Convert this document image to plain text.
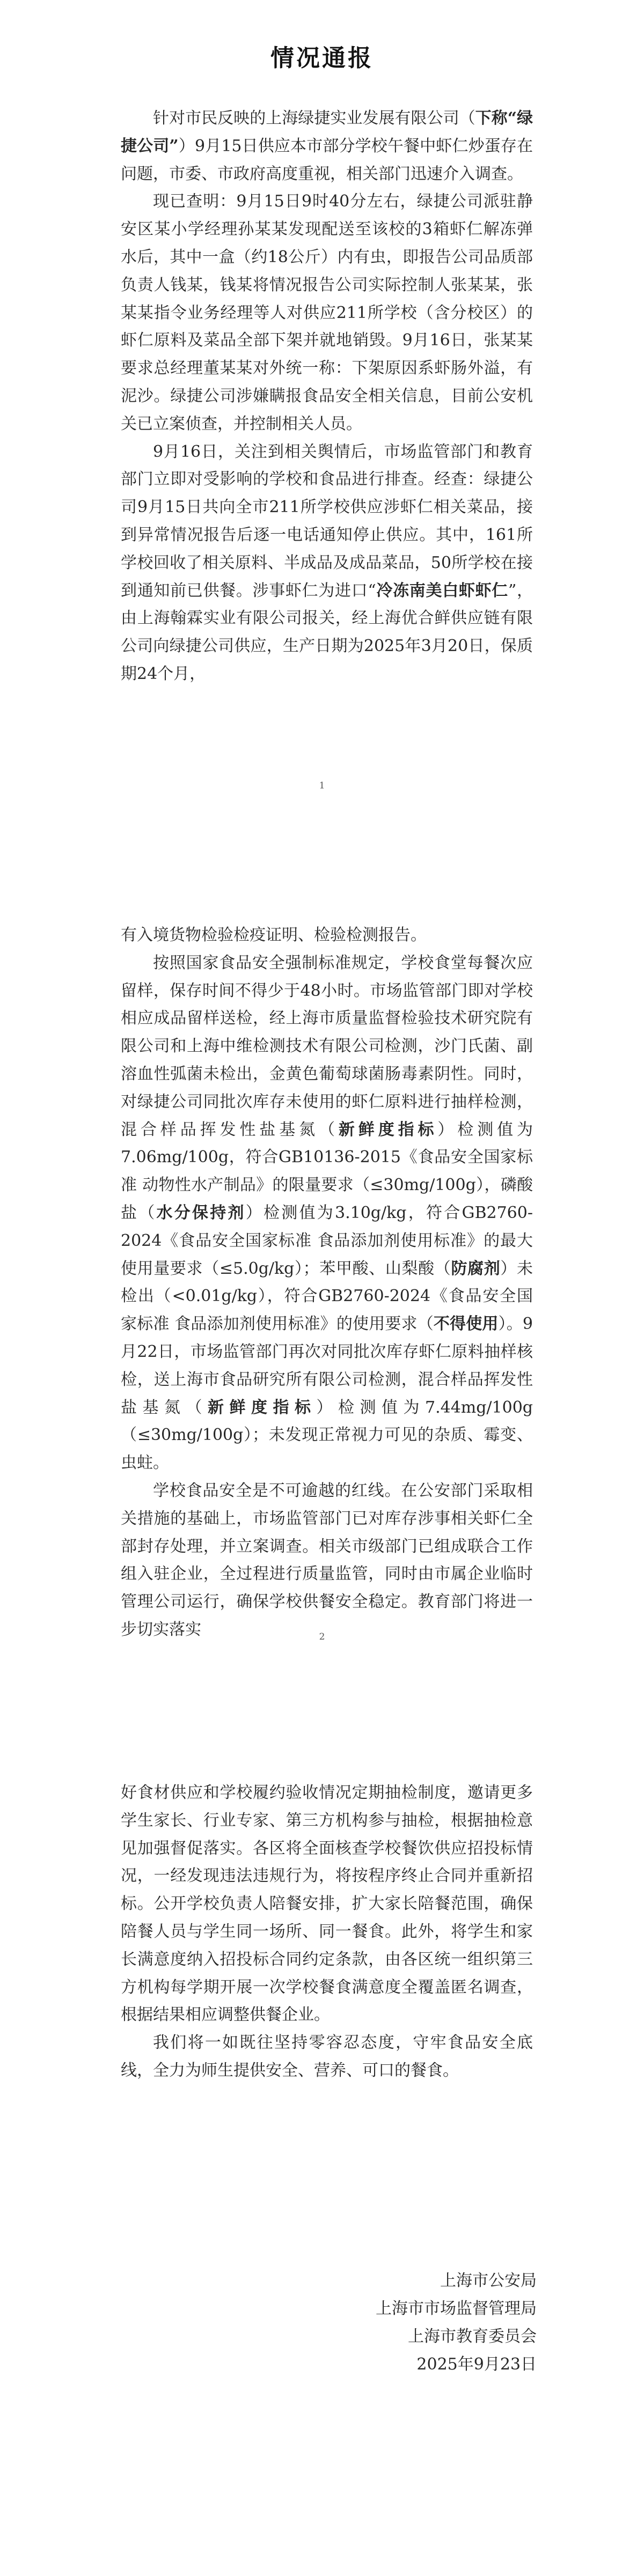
情况通报

针对市民反映的上海绿捷实业发展有限公司（下称“绿捷公司”）9月15日供应本市部分学校午餐中虾仁炒蛋存在问题，市委、市政府高度重视，相关部门迅速介入调查。

现已查明：9月15日9时40分左右，绿捷公司派驻静安区某小学经理孙某某发现配送至该校的3箱虾仁解冻弹水后，其中一盒（约18公斤）内有虫，即报告公司品质部负责人钱某，钱某将情况报告公司实际控制人张某某，张某某指令业务经理等人对供应211所学校（含分校区）的虾仁原料及菜品全部下架并就地销毁。9月16日，张某某要求总经理董某某对外统一称：下架原因系虾肠外溢，有泥沙。绿捷公司涉嫌瞒报食品安全相关信息，目前公安机关已立案侦查，并控制相关人员。

9月16日，关注到相关舆情后，市场监管部门和教育部门立即对受影响的学校和食品进行排查。经查：绿捷公司9月15日共向全市211所学校供应涉虾仁相关菜品，接到异常情况报告后逐一电话通知停止供应。其中，161所学校回收了相关原料、半成品及成品菜品，50所学校在接到通知前已供餐。涉事虾仁为进口“冷冻南美白虾虾仁”，由上海翰霖实业有限公司报关，经上海优合鲜供应链有限公司向绿捷公司供应，生产日期为2025年3月20日，保质期24个月，

1

有入境货物检验检疫证明、检验检测报告。

按照国家食品安全强制标准规定，学校食堂每餐次应留样，保存时间不得少于48小时。市场监管部门即对学校相应成品留样送检，经上海市质量监督检验技术研究院有限公司和上海中维检测技术有限公司检测，沙门氏菌、副溶血性弧菌未检出，金黄色葡萄球菌肠毒素阴性。同时，对绿捷公司同批次库存未使用的虾仁原料进行抽样检测，混合样品挥发性盐基氮（新鲜度指标）检测值为7.06mg/100g，符合GB10136-2015《食品安全国家标准 动物性水产制品》的限量要求（≤30mg/100g），磷酸盐（水分保持剂）检测值为3.10g/kg，符合GB2760-2024《食品安全国家标准 食品添加剂使用标准》的最大使用量要求（≤5.0g/kg）；苯甲酸、山梨酸（防腐剂）未检出（<0.01g/kg），符合GB2760-2024《食品安全国家标准 食品添加剂使用标准》的使用要求（不得使用）。9月22日，市场监管部门再次对同批次库存虾仁原料抽样核检，送上海市食品研究所有限公司检测，混合样品挥发性盐基氮（新鲜度指标）检测值为7.44mg/100g（≤30mg/100g）；未发现正常视力可见的杂质、霉变、虫蛀。

学校食品安全是不可逾越的红线。在公安部门采取相关措施的基础上，市场监管部门已对库存涉事相关虾仁全部封存处理，并立案调查。相关市级部门已组成联合工作组入驻企业，全过程进行质量监管，同时由市属企业临时管理公司运行，确保学校供餐安全稳定。教育部门将进一步切实落实	2

好食材供应和学校履约验收情况定期抽检制度，邀请更多学生家长、行业专家、第三方机构参与抽检，根据抽检意见加强督促落实。各区将全面核查学校餐饮供应招投标情况，一经发现违法违规行为，将按程序终止合同并重新招标。公开学校负责人陪餐安排，扩大家长陪餐范围，确保陪餐人员与学生同一场所、同一餐食。此外，将学生和家长满意度纳入招投标合同约定条款，由各区统一组织第三方机构每学期开展一次学校餐食满意度全覆盖匿名调查，根据结果相应调整供餐企业。

我们将一如既往坚持零容忍态度，守牢食品安全底线，全力为师生提供安全、营养、可口的餐食。

上海市公安局
上海市市场监督管理局
上海市教育委员会
2025年9月23日
